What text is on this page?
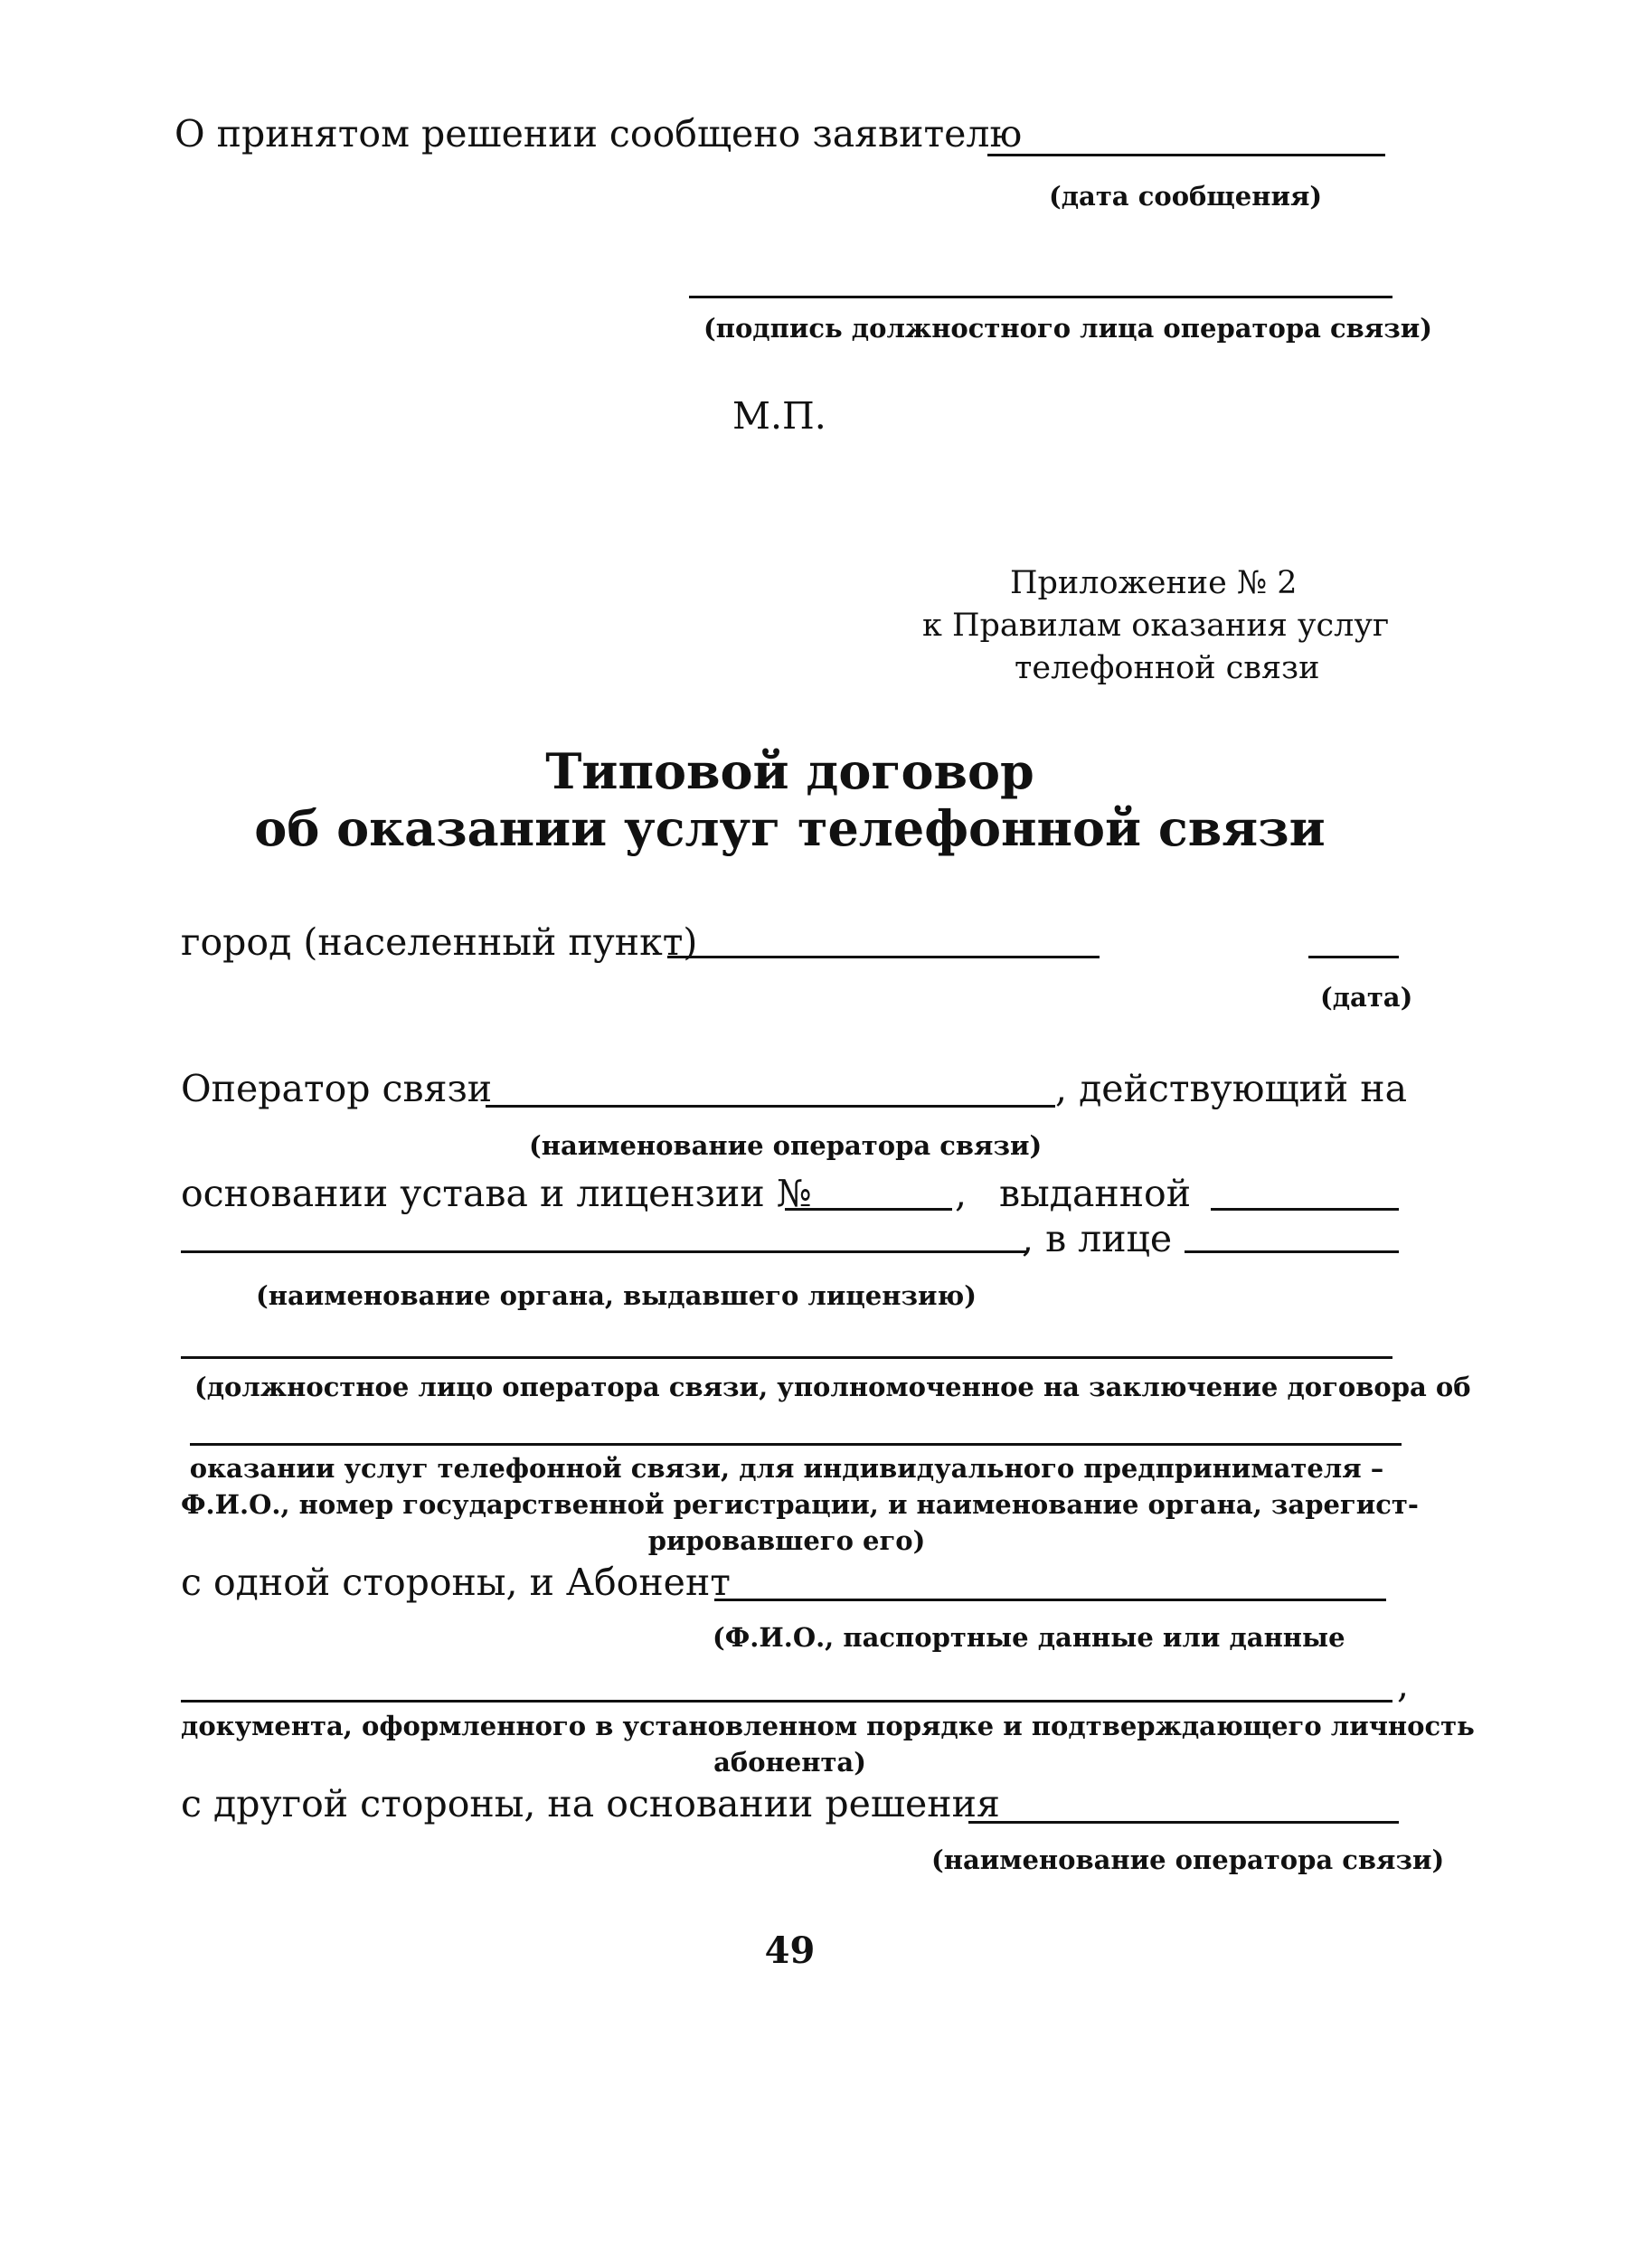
О принятом решении сообщено заявителю
(дата сообщения)
(подпись должностного лица оператора связи)
М.П.
Приложение № 2
к Правилам оказания услуг
телефонной связи
Типовой договор
об оказании услуг телефонной связи
город (населенный пункт)
(дата)
Оператор связи	, действующий на
(наименование оператора связи)
основании устава и лицензии №	, выданной
, в лице
(наименование органа, выдавшего лицензию)
(должностное лицо оператора связи, уполномоченное на заключение договора об
оказании услуг телефонной связи, для индивидуального предпринимателя –
Ф.И.О., номер государственной регистрации, и наименование органа, зарегист-
рировавшего его)
с одной стороны, и Абонент
(Ф.И.О., паспортные данные или данные
,
документа, оформленного в установленном порядке и подтверждающего личность
абонента)
с другой стороны, на основании решения
(наименование оператора связи)
49
